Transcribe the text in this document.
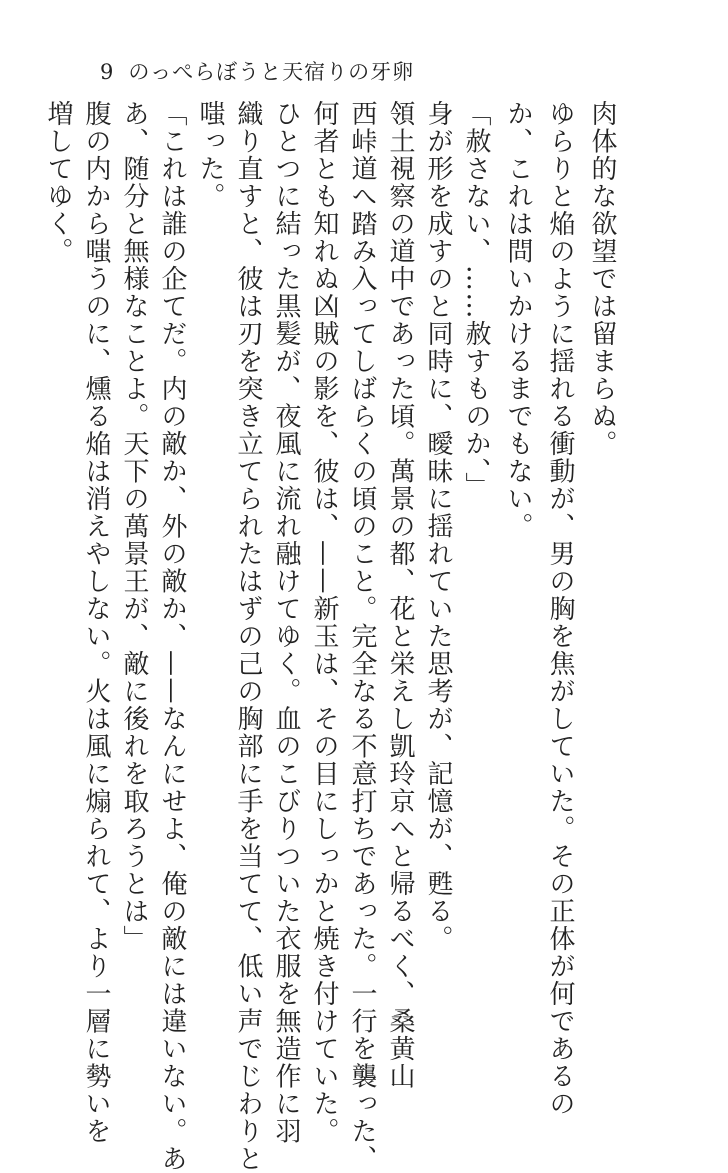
9 のっぺらぼうと天宿りの牙卵
肉体的な欲望では留まらぬ。
ゆらりと焔のように揺れる衝動が、男の胸を焦がしていた。その正体が何であるの
か、これは問いかけるまでもない。
「赦さない、……赦すものか、」
身が形を成すのと同時に、曖昧に揺れていた思考が、記憶が、甦る。
領土視察の道中であった頃。萬景の都、花と栄えし凱玲京へと帰るべく、桑黄山
西峠道へ踏み入ってしばらくの頃のこと。完全なる不意打ちであった。一行を襲った、
何者とも知れぬ凶賊の影を、彼は、——新玉は、その目にしっかと焼き付けていた。
ひとつに結った黒髪が、夜風に流れ融けてゆく。血のこびりついた衣服を無造作に羽
織り直すと、彼は刃を突き立てられたはずの己の胸部に手を当てて、低い声でじわりと
嗤った。
「これは誰の企てだ。内の敵か、外の敵か、——なんにせよ、俺の敵には違いない。あ
あ、随分と無様なことよ。天下の萬景王が、敵に後れを取ろうとは」
腹の内から嗤うのに、燻る焔は消えやしない。火は風に煽られて、より一層に勢いを
増してゆく。
